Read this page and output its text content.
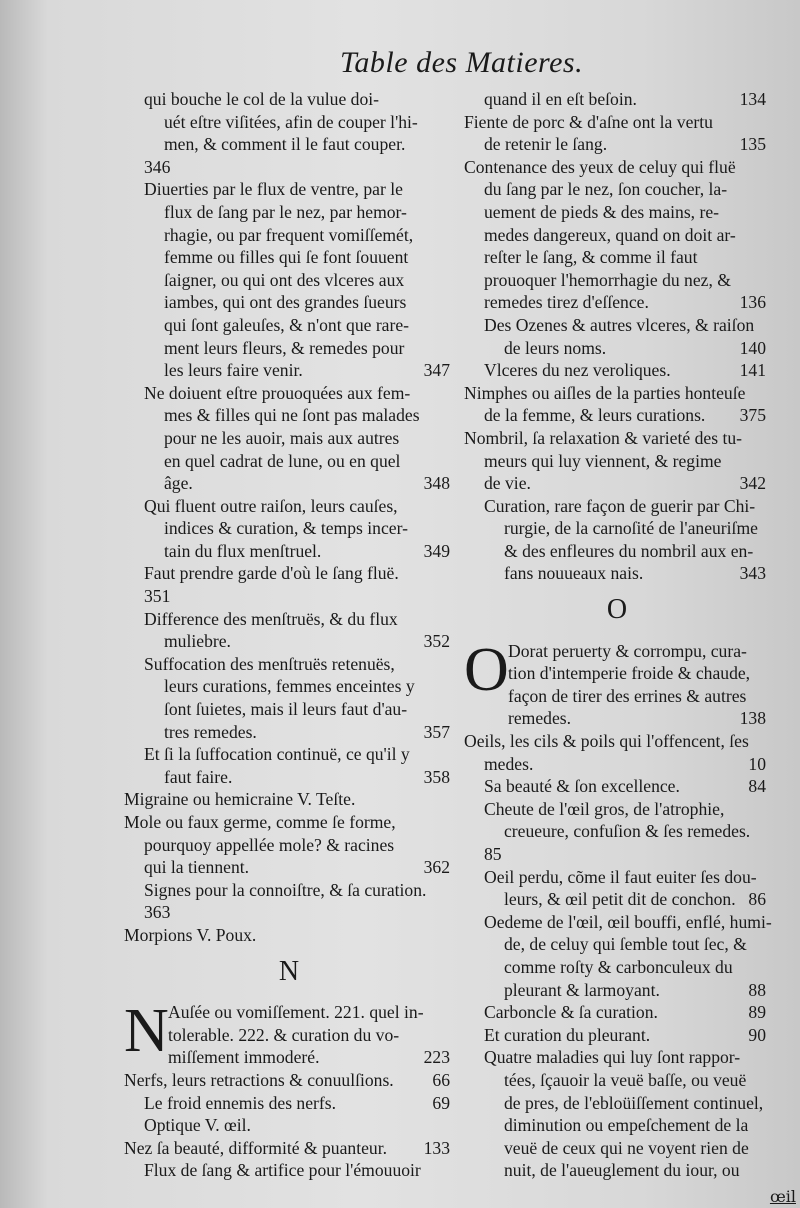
Table des Matieres.
qui bouche le col de la vulue doi-
uét eſtre viſitées, afin de couper l'hi-
men, & comment il le faut couper.
346
Diuerties par le flux de ventre, par le
flux de ſang par le nez, par hemor-
rhagie, ou par frequent vomiſſemét,
femme ou filles qui ſe font ſouuent
ſaigner, ou qui ont des vlceres aux
iambes, qui ont des grandes ſueurs
qui ſont galeuſes, & n'ont que rare-
ment leurs fleurs, & remedes pour
les leurs faire venir.	347
Ne doiuent eſtre prouoquées aux fem-
mes & filles qui ne ſont pas malades
pour ne les auoir, mais aux autres
en quel cadrat de lune, ou en quel
âge.	348
Qui fluent outre raiſon, leurs cauſes,
indices & curation, & temps incer-
tain du flux menſtruel.	349
Faut prendre garde d'où le ſang fluë.
351
Difference des menſtruës, & du flux
muliebre.	352
Suffocation des menſtruës retenuës,
leurs curations, femmes enceintes y
ſont ſuietes, mais il leurs faut d'au-
tres remedes.	357
Et ſi la ſuffocation continuë, ce qu'il y
faut faire.	358
Migraine ou hemicraine V. Teſte.
Mole ou faux germe, comme ſe forme,
pourquoy appellée mole? & racines
qui la tiennent.	362
Signes pour la connoiſtre, & ſa curation.
363
Morpions V. Poux.
N
N Auſée ou vomiſſement. 221. quel in-
tolerable. 222. & curation du vo-
miſſement immoderé.	223
Nerfs, leurs retractions & conuulſions.	66
Le froid ennemis des nerfs.	69
Optique V. œil.
Nez ſa beauté, difformité & puanteur.	133
Flux de ſang & artifice pour l'émouuoir
quand il en eſt beſoin.	134
Fiente de porc & d'aſne ont la vertu
de retenir le ſang.	135
Contenance des yeux de celuy qui fluë
du ſang par le nez, ſon coucher, la-
uement de pieds & des mains, re-
medes dangereux, quand on doit ar-
reſter le ſang, & comme il faut
prouoquer l'hemorrhagie du nez, &
remedes tirez d'eſſence.	136
Des Ozenes & autres vlceres, & raiſon
de leurs noms.	140
Vlceres du nez veroliques.	141
Nimphes ou aiſles de la parties honteuſe
de la femme, & leurs curations.	375
Nombril, ſa relaxation & varieté des tu-
meurs qui luy viennent, & regime
de vie.	342
Curation, rare façon de guerir par Chi-
rurgie, de la carnoſité de l'aneuriſme
& des enfleures du nombril aux en-
fans nouueaux nais.	343
O
O Dorat peruerty & corrompu, cura-
tion d'intemperie froide & chaude,
façon de tirer des errines & autres
remedes.	138
Oeils, les cils & poils qui l'offencent, ſes
medes.	10
Sa beauté & ſon excellence.	84
Cheute de l'œil gros, de l'atrophie,
creueure, confuſion & ſes remedes.
85
Oeil perdu, cõme il faut euiter ſes dou-
leurs, & œil petit dit de conchon. 86
Oedeme de l'œil, œil bouffi, enflé, humi-
de, de celuy qui ſemble tout ſec, &
comme roſty & carbonculeux du
pleurant & larmoyant.	88
Carboncle & ſa curation.	89
Et curation du pleurant.	90
Quatre maladies qui luy ſont rappor-
tées, ſçauoir la veuë baſſe, ou veuë
de pres, de l'ebloüiſſement continuel,
diminution ou empeſchement de la
veuë de ceux qui ne voyent rien de
nuit, de l'aueuglement du iour, ou
œil
